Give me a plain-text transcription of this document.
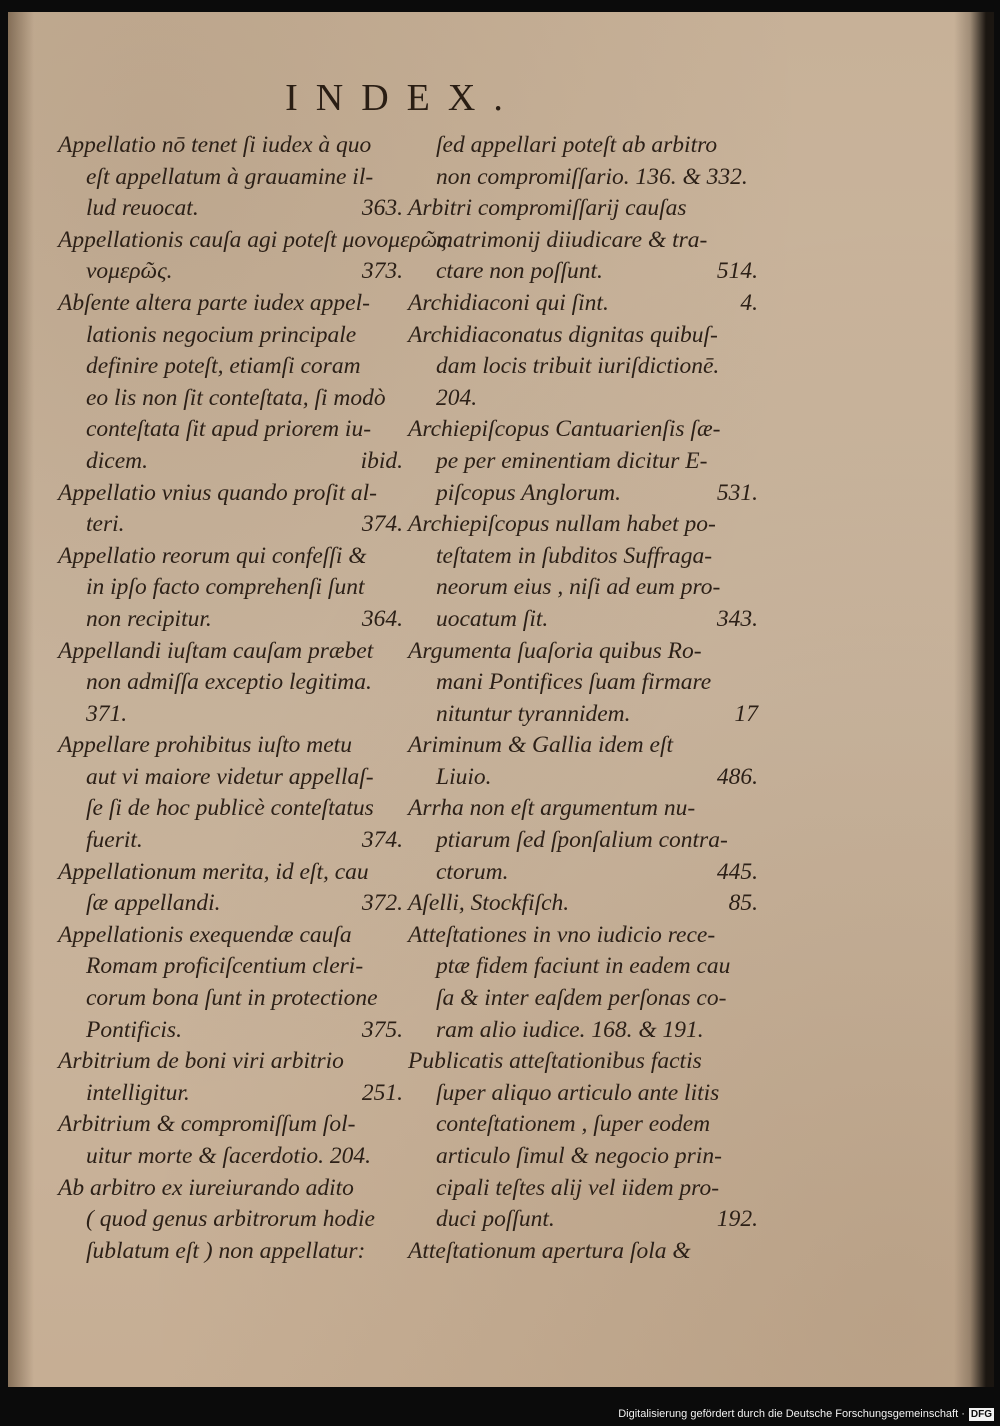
INDEX.
Appellatio nō tenet ſi iudex à quo
eſt appellatum à grauamine il-
lud reuocat.	363.
Appellationis cauſa agi poteſt μονομερῶς.
νομερῶς.	373.
Abſente altera parte iudex appel-
lationis negocium principale
definire poteſt, etiamſi coram
eo lis non ſit conteſtata, ſi modò
conteſtata ſit apud priorem iu-
dicem.	ibid.
Appellatio vnius quando proſit al-
teri.	374.
Appellatio reorum qui confeſſi &
in ipſo facto comprehenſi ſunt
non recipitur.	364.
Appellandi iuſtam cauſam præbet
non admiſſa exceptio legitima.
371.
Appellare prohibitus iuſto metu
aut vi maiore videtur appellaſ-
ſe ſi de hoc publicè conteſtatus
fuerit.	374.
Appellationum merita, id eſt, cau
ſæ appellandi.	372.
Appellationis exequendæ cauſa
Romam proficiſcentium cleri-
corum bona ſunt in protectione
Pontificis.	375.
Arbitrium de boni viri arbitrio
intelligitur.	251.
Arbitrium & compromiſſum ſol-
uitur morte & ſacerdotio. 204.
Ab arbitro ex iureiurando adito
( quod genus arbitrorum hodie
ſublatum eſt ) non appellatur:
ſed appellari poteſt ab arbitro
non compromiſſario. 136. & 332.
Arbitri compromiſſarij cauſas
matrimonij diiudicare & tra-
ctare non poſſunt.	514.
Archidiaconi qui ſint.	4.
Archidiaconatus dignitas quibuſ-
dam locis tribuit iuriſdictionē.
204.
Archiepiſcopus Cantuarienſis ſæ-
pe per eminentiam dicitur E-
piſcopus Anglorum.	531.
Archiepiſcopus nullam habet po-
teſtatem in ſubditos Suffraga-
neorum eius , niſi ad eum pro-
uocatum ſit.	343.
Argumenta ſuaſoria quibus Ro-
mani Pontifices ſuam firmare
nituntur tyrannidem.	17
Ariminum & Gallia idem eſt
Liuio.	486.
Arrha non eſt argumentum nu-
ptiarum ſed ſponſalium contra-
ctorum.	445.
Aſelli, Stockfiſch.	85.
Atteſtationes in vno iudicio rece-
ptæ fidem faciunt in eadem cau
ſa & inter eaſdem perſonas co-
ram alio iudice. 168. & 191.
Publicatis atteſtationibus factis
ſuper aliquo articulo ante litis
conteſtationem , ſuper eodem
articulo ſimul & negocio prin-
cipali teſtes alij vel iidem pro-
duci poſſunt.	192.
Atteſtationum apertura ſola &
Digitalisierung gefördert durch die Deutsche Forschungsgemeinschaft · DFG
